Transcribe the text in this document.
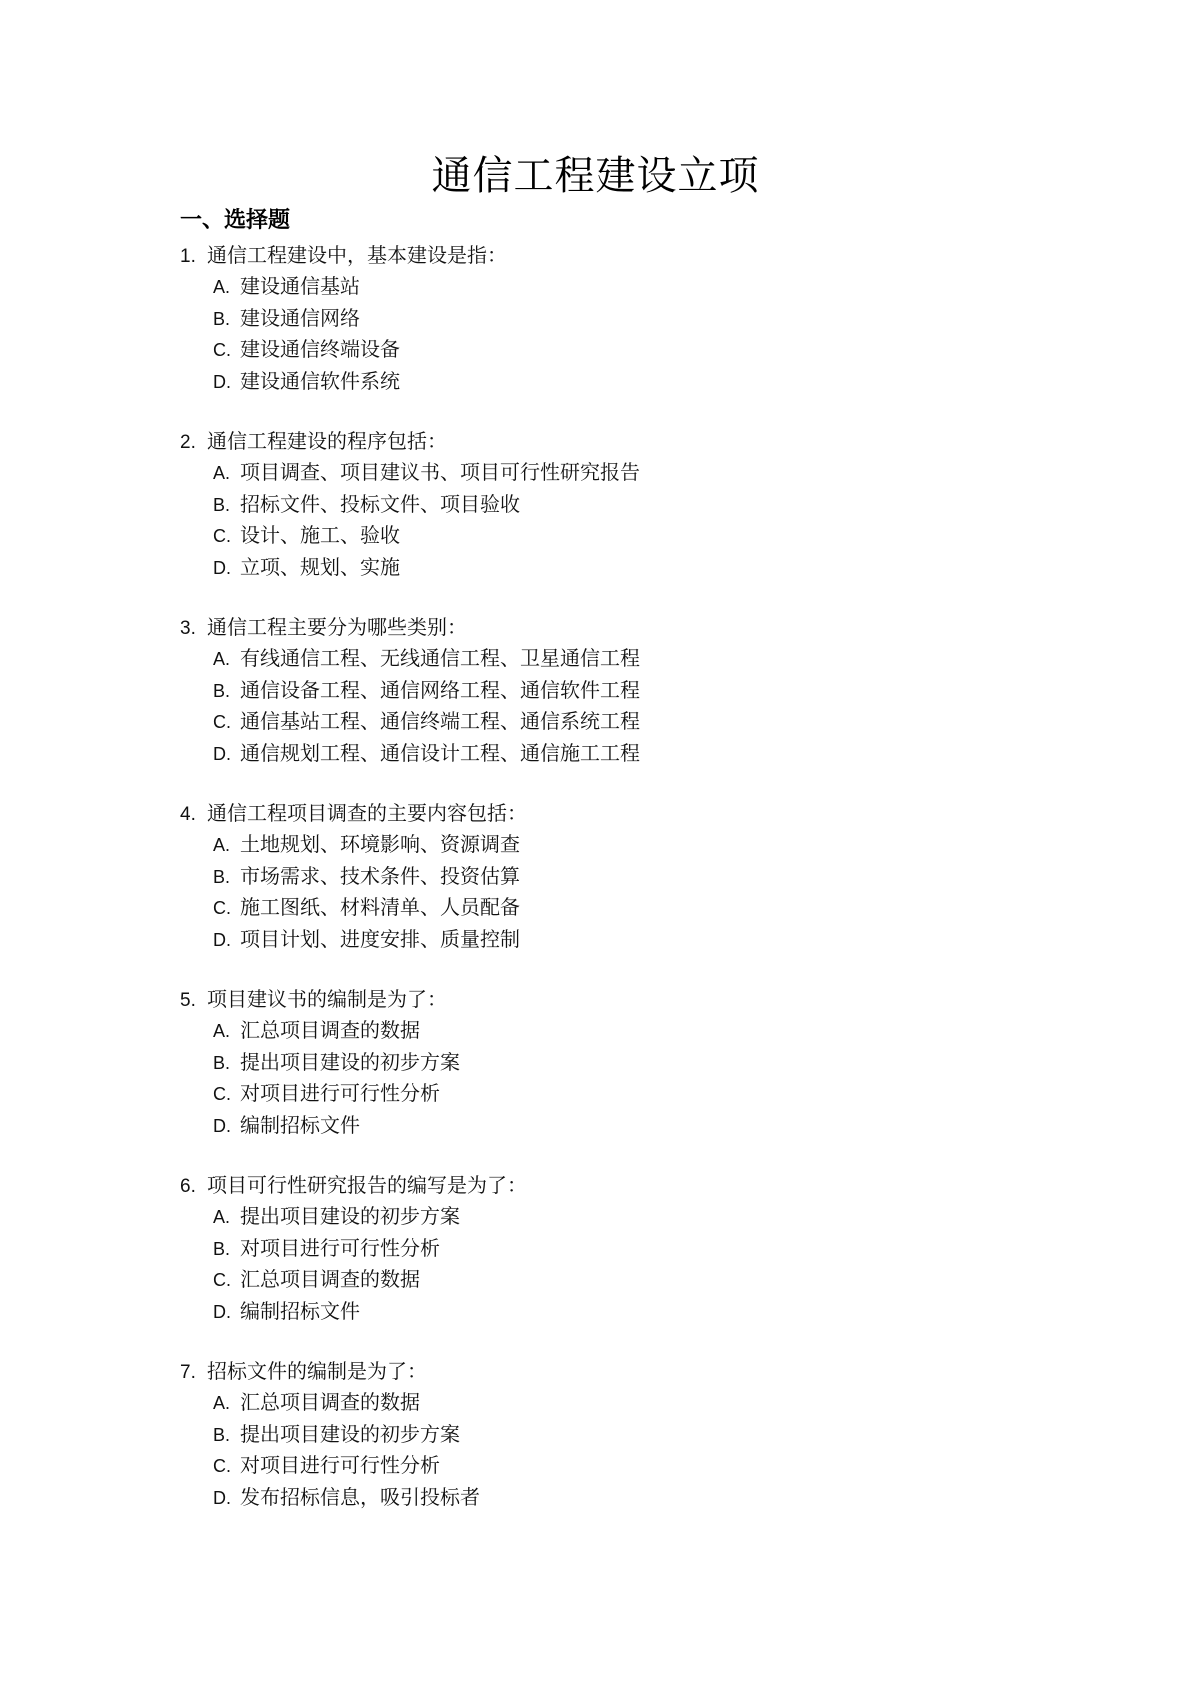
通信工程建设立项
一、选择题
1. 通信工程建设中，基本建设是指：
A. 建设通信基站
B. 建设通信网络
C. 建设通信终端设备
D. 建设通信软件系统
2. 通信工程建设的程序包括：
A. 项目调查、项目建议书、项目可行性研究报告
B. 招标文件、投标文件、项目验收
C. 设计、施工、验收
D. 立项、规划、实施
3. 通信工程主要分为哪些类别：
A. 有线通信工程、无线通信工程、卫星通信工程
B. 通信设备工程、通信网络工程、通信软件工程
C. 通信基站工程、通信终端工程、通信系统工程
D. 通信规划工程、通信设计工程、通信施工工程
4. 通信工程项目调查的主要内容包括：
A. 土地规划、环境影响、资源调查
B. 市场需求、技术条件、投资估算
C. 施工图纸、材料清单、人员配备
D. 项目计划、进度安排、质量控制
5. 项目建议书的编制是为了：
A. 汇总项目调查的数据
B. 提出项目建设的初步方案
C. 对项目进行可行性分析
D. 编制招标文件
6. 项目可行性研究报告的编写是为了：
A. 提出项目建设的初步方案
B. 对项目进行可行性分析
C. 汇总项目调查的数据
D. 编制招标文件
7. 招标文件的编制是为了：
A. 汇总项目调查的数据
B. 提出项目建设的初步方案
C. 对项目进行可行性分析
D. 发布招标信息，吸引投标者
